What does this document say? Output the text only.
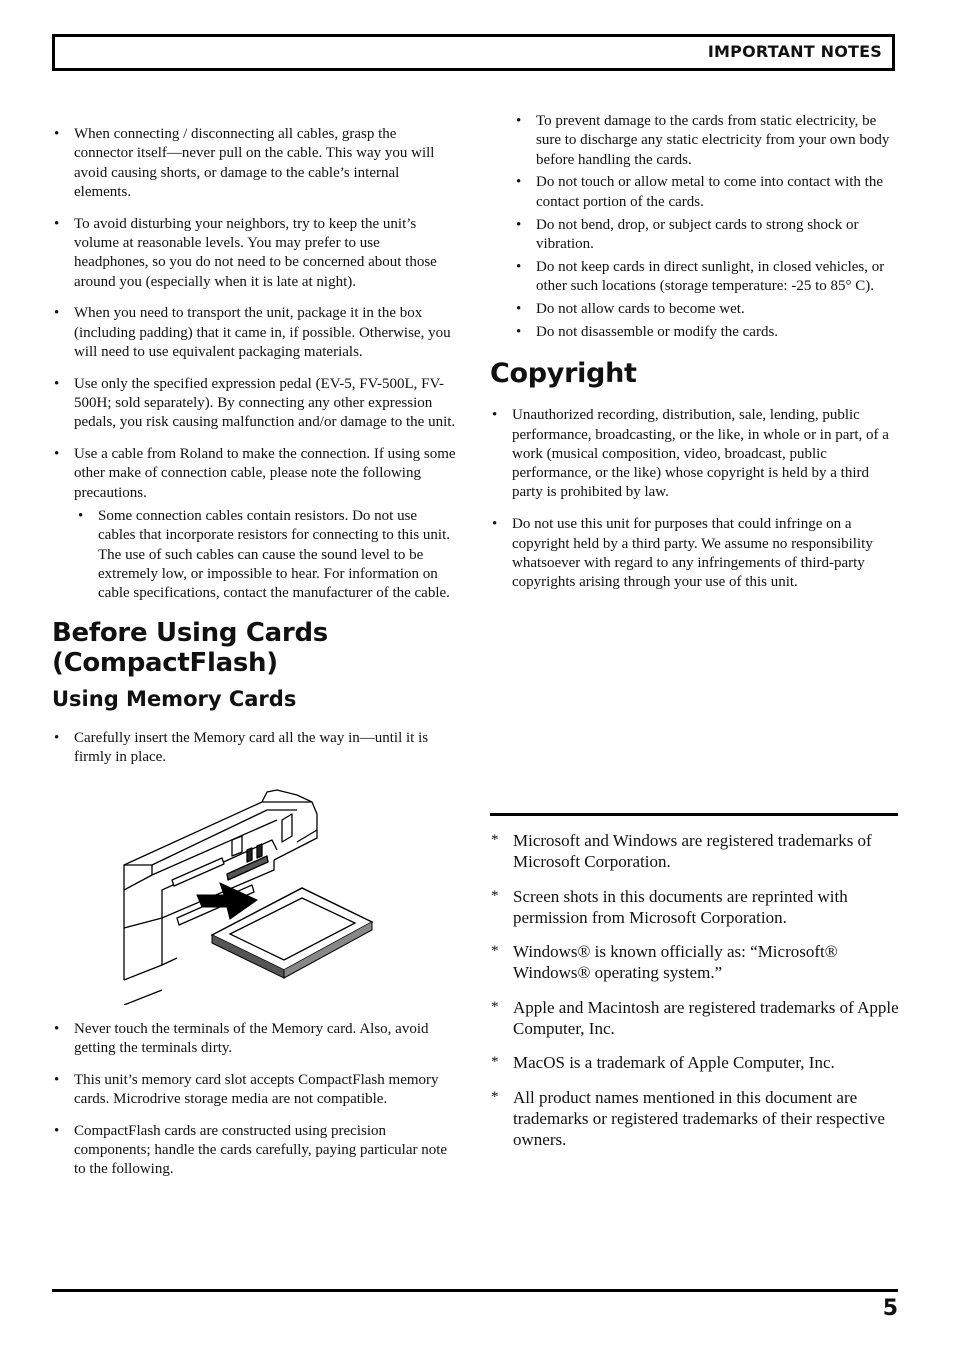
IMPORTANT NOTES
• When connecting / disconnecting all cables, grasp the connector itself—never pull on the cable. This way you will avoid causing shorts, or damage to the cable’s internal elements.
• To avoid disturbing your neighbors, try to keep the unit’s volume at reasonable levels. You may prefer to use headphones, so you do not need to be concerned about those around you (especially when it is late at night).
• When you need to transport the unit, package it in the box (including padding) that it came in, if possible. Otherwise, you will need to use equivalent packaging materials.
• Use only the specified expression pedal (EV-5, FV-500L, FV-500H; sold separately). By connecting any other expression pedals, you risk causing malfunction and/or damage to the unit.
• Use a cable from Roland to make the connection. If using some other make of connection cable, please note the following precautions.
• Some connection cables contain resistors. Do not use cables that incorporate resistors for connecting to this unit. The use of such cables can cause the sound level to be extremely low, or impossible to hear. For information on cable specifications, contact the manufacturer of the cable.
Before Using Cards
(CompactFlash)
Using Memory Cards
• Carefully insert the Memory card all the way in—until it is firmly in place.
• Never touch the terminals of the Memory card. Also, avoid getting the terminals dirty.
• This unit’s memory card slot accepts CompactFlash memory cards. Microdrive storage media are not compatible.
• CompactFlash cards are constructed using precision components; handle the cards carefully, paying particular note to the following.
• To prevent damage to the cards from static electricity, be sure to discharge any static electricity from your own body before handling the cards.
• Do not touch or allow metal to come into contact with the contact portion of the cards.
• Do not bend, drop, or subject cards to strong shock or vibration.
• Do not keep cards in direct sunlight, in closed vehicles, or other such locations (storage temperature: -25 to 85° C).
• Do not allow cards to become wet.
• Do not disassemble or modify the cards.
Copyright
• Unauthorized recording, distribution, sale, lending, public performance, broadcasting, or the like, in whole or in part, of a work (musical composition, video, broadcast, public performance, or the like) whose copyright is held by a third party is prohibited by law.
• Do not use this unit for purposes that could infringe on a copyright held by a third party. We assume no responsibility whatsoever with regard to any infringements of third-party copyrights arising through your use of this unit.
* Microsoft and Windows are registered trademarks of Microsoft Corporation.
* Screen shots in this documents are reprinted with permission from Microsoft Corporation.
* Windows® is known officially as: “Microsoft® Windows® operating system.”
* Apple and Macintosh are registered trademarks of Apple Computer, Inc.
* MacOS is a trademark of Apple Computer, Inc.
* All product names mentioned in this document are trademarks or registered trademarks of their respective owners.
5
